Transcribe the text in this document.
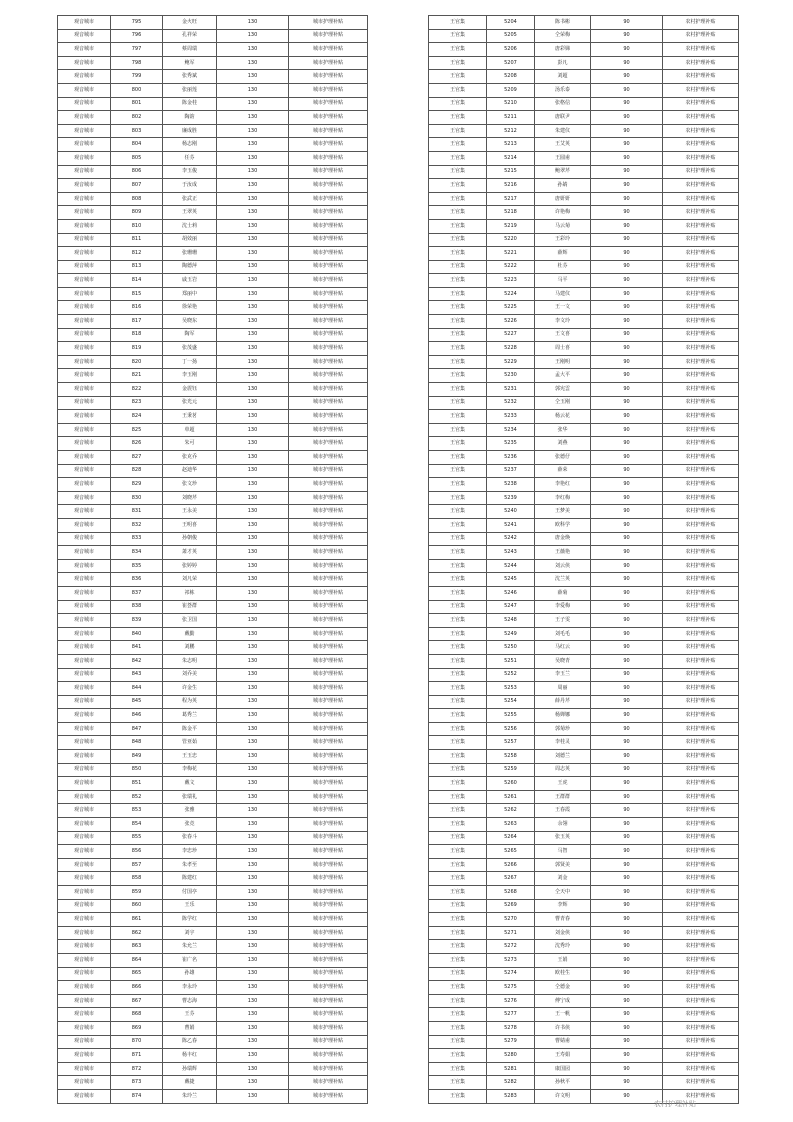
观音城市	795	金火旺	130	城市护理补贴
观音城市	796	孔祥荣	130	城市护理补贴
观音城市	797	蔡周瑞	130	城市护理补贴
观音城市	798	鲍军	130	城市护理补贴
观音城市	799	张秀斌	130	城市护理补贴
观音城市	800	张丽莲	130	城市护理补贴
观音城市	801	陈金桂	130	城市护理补贴
观音城市	802	陶韵	130	城市护理补贴
观音城市	803	廉成胜	130	城市护理补贴
观音城市	804	杨志刚	130	城市护理补贴
观音城市	805	任芬	130	城市护理补贴
观音城市	806	李玉俊	130	城市护理补贴
观音城市	807	于汝成	130	城市护理补贴
观音城市	808	张武正	130	城市护理补贴
观音城市	809	王翠英	130	城市护理补贴
观音城市	810	沈士莉	130	城市护理补贴
观音城市	811	胡效丽	130	城市护理补贴
观音城市	812	张珊珊	130	城市护理补贴
观音城市	813	陶德萍	130	城市护理补贴
观音城市	814	戚玉岩	130	城市护理补贴
观音城市	815	郑丽中	130	城市护理补贴
观音城市	816	徐荣艳	130	城市护理补贴
观音城市	817	吴晓东	130	城市护理补贴
观音城市	818	陶军	130	城市护理补贴
观音城市	819	张茂盛	130	城市护理补贴
观音城市	820	丁一扬	130	城市护理补贴
观音城市	821	李玉刚	130	城市护理补贴
观音城市	822	金震钰	130	城市护理补贴
观音城市	823	张光元	130	城市护理补贴
观音城市	824	王秉茗	130	城市护理补贴
观音城市	825	单超	130	城市护理补贴
观音城市	826	朱可	130	城市护理补贴
观音城市	827	张克乔	130	城市护理补贴
观音城市	828	赵迪华	130	城市护理补贴
观音城市	829	张文珍	130	城市护理补贴
观音城市	830	刘晓芹	130	城市护理补贴
观音城市	831	王永美	130	城市护理补贴
观音城市	832	王明喜	130	城市护理补贴
观音城市	833	孙朝俊	130	城市护理补贴
观音城市	834	萧才英	130	城市护理补贴
观音城市	835	张婷婷	130	城市护理补贴
观音城市	836	刘凡荣	130	城市护理补贴
观音城市	837	祁栋	130	城市护理补贴
观音城市	838	崔荟群	130	城市护理补贴
观音城市	839	张卫国	130	城市护理补贴
观音城市	840	戴勤	130	城市护理补贴
观音城市	841	刘鹏	130	城市护理补贴
观音城市	842	朱志明	130	城市护理补贴
观音城市	843	刘乔美	130	城市护理补贴
观音城市	844	许金生	130	城市护理补贴
观音城市	845	程为英	130	城市护理补贴
观音城市	846	葛秀兰	130	城市护理补贴
观音城市	847	陈金平	130	城市护理补贴
观音城市	848	管亚茹	130	城市护理补贴
观音城市	849	王玉忠	130	城市护理补贴
观音城市	850	李梅花	130	城市护理补贴
观音城市	851	戴文	130	城市护理补贴
观音城市	852	张瑞礼	130	城市护理补贴
观音城市	853	张雅	130	城市护理补贴
观音城市	854	张竞	130	城市护理补贴
观音城市	855	张春斗	130	城市护理补贴
观音城市	856	李忠珍	130	城市护理补贴
观音城市	857	朱孝至	130	城市护理补贴
观音城市	858	陈建红	130	城市护理补贴
观音城市	859	付国亭	130	城市护理补贴
观音城市	860	王乐	130	城市护理补贴
观音城市	861	陈学红	130	城市护理补贴
观音城市	862	刘宇	130	城市护理补贴
观音城市	863	朱允兰	130	城市护理补贴
观音城市	864	崔广名	130	城市护理补贴
观音城市	865	孙雄	130	城市护理补贴
观音城市	866	李永玲	130	城市护理补贴
观音城市	867	曹志海	130	城市护理补贴
观音城市	868	王芬	130	城市护理补贴
观音城市	869	曹娟	130	城市护理补贴
观音城市	870	陈乙春	130	城市护理补贴
观音城市	871	杨丰红	130	城市护理补贴
观音城市	872	孙瑞辉	130	城市护理补贴
观音城市	873	戴捷	130	城市护理补贴
观音城市	874	朱玲兰	130	城市护理补贴
王官集	5204	陈书彬	90	农村护理补贴
王官集	5205	仝荣梅	90	农村护理补贴
王官集	5206	唐彩娣	90	农村护理补贴
王官集	5207	彭凡	90	农村护理补贴
王官集	5208	刘超	90	农村护理补贴
王官集	5209	汤乐泰	90	农村护理补贴
王官集	5210	张格信	90	农村护理补贴
王官集	5211	唐联尹	90	农村护理补贴
王官集	5212	朱建仪	90	农村护理补贴
王官集	5213	王艾英	90	农村护理补贴
王官集	5214	王圆甫	90	农村护理补贴
王官集	5215	鲍翠芹	90	农村护理补贴
王官集	5216	孙婧	90	农村护理补贴
王官集	5217	唐妍妍	90	农村护理补贴
王官集	5218	许艳梅	90	农村护理补贴
王官集	5219	马云菊	90	农村护理补贴
王官集	5220	王彩玲	90	农村护理补贴
王官集	5221	薛辉	90	农村护理补贴
王官集	5222	杜芬	90	农村护理补贴
王官集	5223	马平	90	农村护理补贴
王官集	5224	马建仪	90	农村护理补贴
王官集	5225	王一文	90	农村护理补贴
王官集	5226	李文玲	90	农村护理补贴
王官集	5227	王文喜	90	农村护理补贴
王官集	5228	周士喜	90	农村护理补贴
王官集	5229	王刚明	90	农村护理补贴
王官集	5230	孟大平	90	农村护理补贴
王官集	5231	郭宪雲	90	农村护理补贴
王官集	5232	仝玉刚	90	农村护理补贴
王官集	5233	杨云花	90	农村护理补贴
王官集	5234	张华	90	农村护理补贴
王官集	5235	刘燕	90	农村护理补贴
王官集	5236	张德仔	90	农村护理补贴
王官集	5237	薛荣	90	农村护理补贴
王官集	5238	李艳红	90	农村护理补贴
王官集	5239	李红梅	90	农村护理补贴
王官集	5240	王梦美	90	农村护理补贴
王官集	5241	欧科学	90	农村护理补贴
王官集	5242	唐金焕	90	农村护理补贴
王官集	5243	王薇艳	90	农村护理补贴
王官集	5244	刘云侠	90	农村护理补贴
王官集	5245	沈兰英	90	农村护理补贴
王官集	5246	薛菊	90	农村护理补贴
王官集	5247	李爱梅	90	农村护理补贴
王官集	5248	王子雯	90	农村护理补贴
王官集	5249	刘毛毛	90	农村护理补贴
王官集	5250	马红云	90	农村护理补贴
王官集	5251	吴晓青	90	农村护理补贴
王官集	5252	李玉兰	90	农村护理补贴
王官集	5253	周丽	90	农村护理补贴
王官集	5254	薛丹芹	90	农村护理补贴
王官集	5255	杨婵娜	90	农村护理补贴
王官集	5256	郭菊珍	90	农村护理补贴
王官集	5257	李桂灵	90	农村护理补贴
王官集	5258	刘德兰	90	农村护理补贴
王官集	5259	周志英	90	农村护理补贴
王官集	5260	王虎	90	农村护理补贴
王官集	5261	王群群	90	农村护理补贴
王官集	5262	王春霞	90	农村护理补贴
王官集	5263	余翎	90	农村护理补贴
王官集	5264	张玉英	90	农村护理补贴
王官集	5265	马智	90	农村护理补贴
王官集	5266	郭贤美	90	农村护理补贴
王官集	5267	刘金	90	农村护理补贴
王官集	5268	仝天中	90	农村护理补贴
王官集	5269	李辉	90	农村护理补贴
王官集	5270	曹青春	90	农村护理补贴
王官集	5271	刘金侠	90	农村护理补贴
王官集	5272	沈秀玲	90	农村护理补贴
王官集	5273	王娟	90	农村护理补贴
王官集	5274	欧桂生	90	农村护理补贴
王官集	5275	仝德金	90	农村护理补贴
王官集	5276	傅宁成	90	农村护理补贴
王官集	5277	王一帆	90	农村护理补贴
王官集	5278	许书侠	90	农村护理补贴
王官集	5279	曹婧甫	90	农村护理补贴
王官集	5280	王寿娟	90	农村护理补贴
王官集	5281	康国园	90	农村护理补贴
王官集	5282	孙秋平	90	农村护理补贴
王官集	5283	许文明	90	农村护理补贴
农村护理补贴
